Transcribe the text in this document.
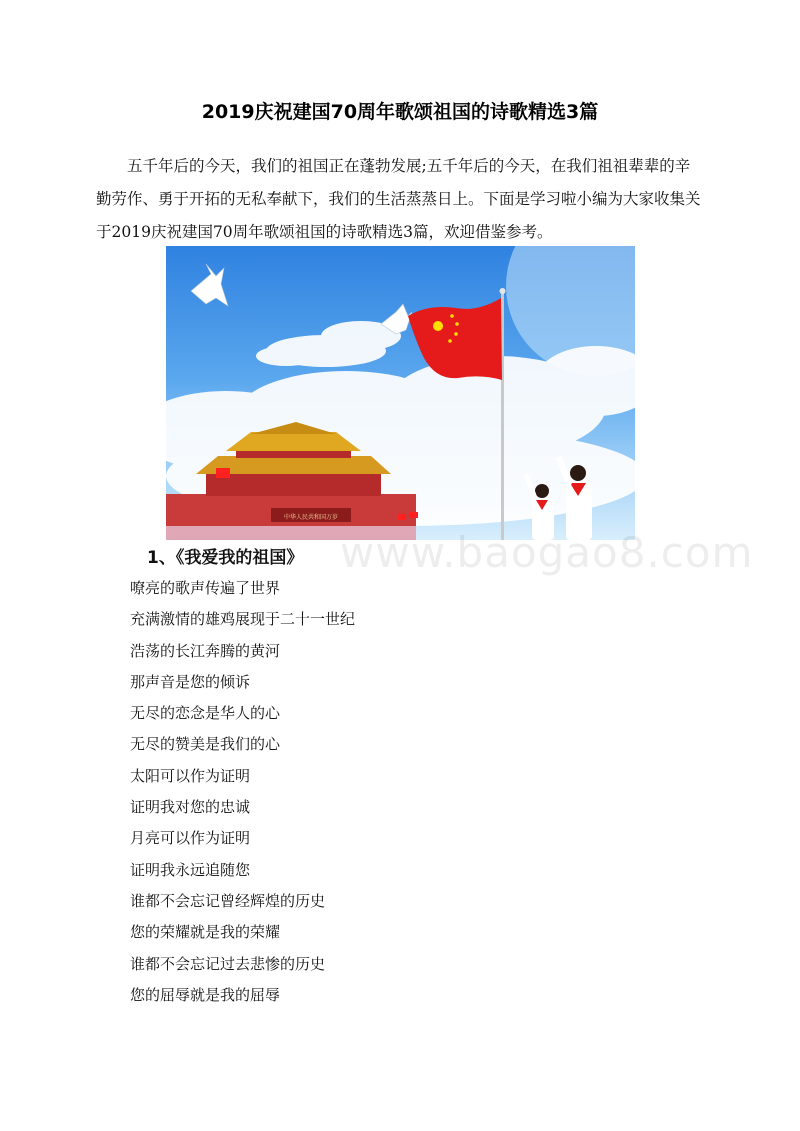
2019庆祝建国70周年歌颂祖国的诗歌精选3篇

五千年后的今天，我们的祖国正在蓬勃发展;五千年后的今天，在我们祖祖辈辈的辛勤劳作、勇于开拓的无私奉献下，我们的生活蒸蒸日上。下面是学习啦小编为大家收集关于2019庆祝建国70周年歌颂祖国的诗歌精选3篇，欢迎借鉴参考。

中华人民共和国万岁
www.baogao8.com
1、《我爱我的祖国》
嘹亮的歌声传遍了世界
充满激情的雄鸡展现于二十一世纪
浩荡的长江奔腾的黄河
那声音是您的倾诉
无尽的恋念是华人的心
无尽的赞美是我们的心
太阳可以作为证明
证明我对您的忠诚
月亮可以作为证明
证明我永远追随您
谁都不会忘记曾经辉煌的历史
您的荣耀就是我的荣耀
谁都不会忘记过去悲惨的历史
您的屈辱就是我的屈辱
